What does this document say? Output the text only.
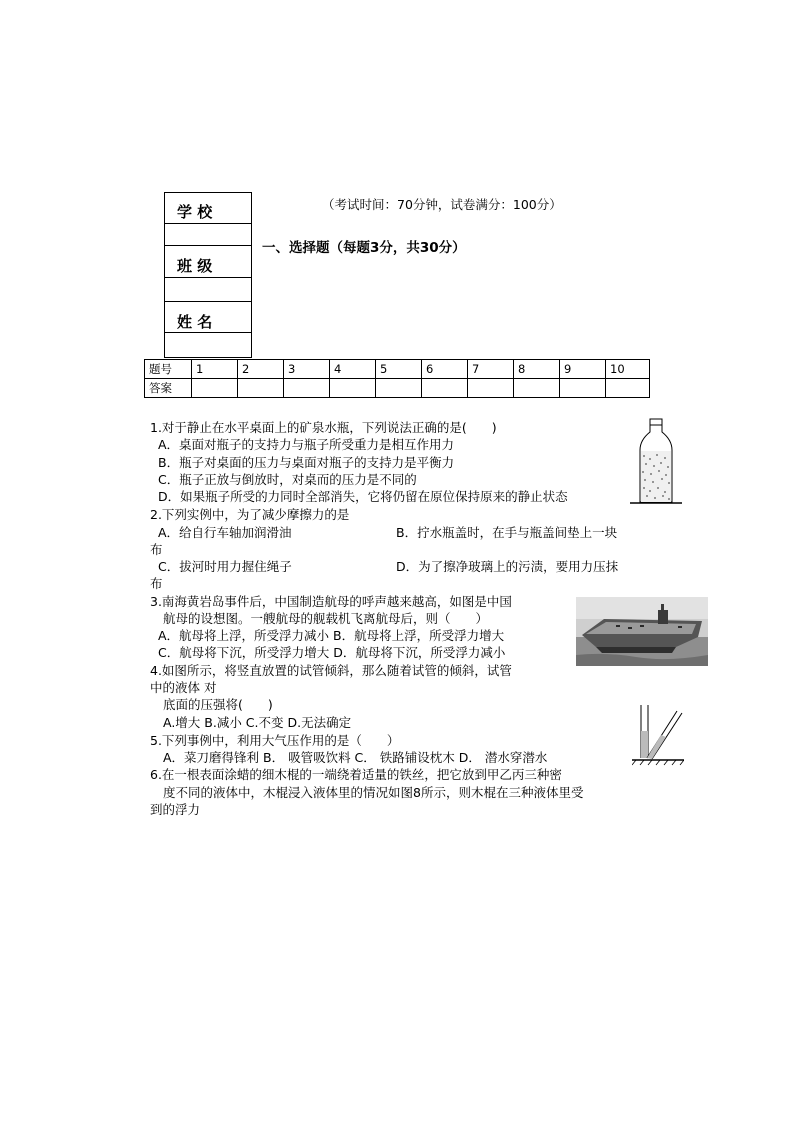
学 校
班 级
姓 名
（考试时间：70分钟，试卷满分：100分）
一、选择题（每题3分，共30分）
题号	1	2	3	4	5	6	7	8	9	10
答案										
1.对于静止在水平桌面上的矿泉水瓶，下列说法正确的是(　　)
A．桌面对瓶子的支持力与瓶子所受重力是相互作用力
B．瓶子对桌面的压力与桌面对瓶子的支持力是平衡力
C．瓶子正放与倒放时，对桌而的压力是不同的
D．如果瓶子所受的力同时全部消失，它将仍留在原位保持原来的静止状态
2.下列实例中，为了减少摩擦力的是
A．给自行车轴加润滑油	B．拧水瓶盖时，在手与瓶盖间垫上一块
布
C．拔河时用力握住绳子	D．为了擦净玻璃上的污渍，要用力压抹
布
3.南海黄岩岛事件后，中国制造航母的呼声越来越高，如图是中国
航母的设想图。一艘航母的舰载机飞离航母后，则（　　）
A．航母将上浮，所受浮力减小 B．航母将上浮，所受浮力增大
C．航母将下沉，所受浮力增大 D．航母将下沉，所受浮力减小
4.如图所示，将竖直放置的试管倾斜，那么随着试管的倾斜，试管
中的液体 对
底面的压强将(　　)
A.增大 B.减小 C.不变 D.无法确定
5.下列事例中，利用大气压作用的是（　　）
A．菜刀磨得锋利 B． 吸管吸饮料 C． 铁路铺设枕木 D． 潜水穿潜水
6.在一根表面涂蜡的细木棍的一端绕着适量的铁丝，把它放到甲乙丙三种密
度不同的液体中，木棍浸入液体里的情况如图8所示，则木棍在三种液体里受
到的浮力
